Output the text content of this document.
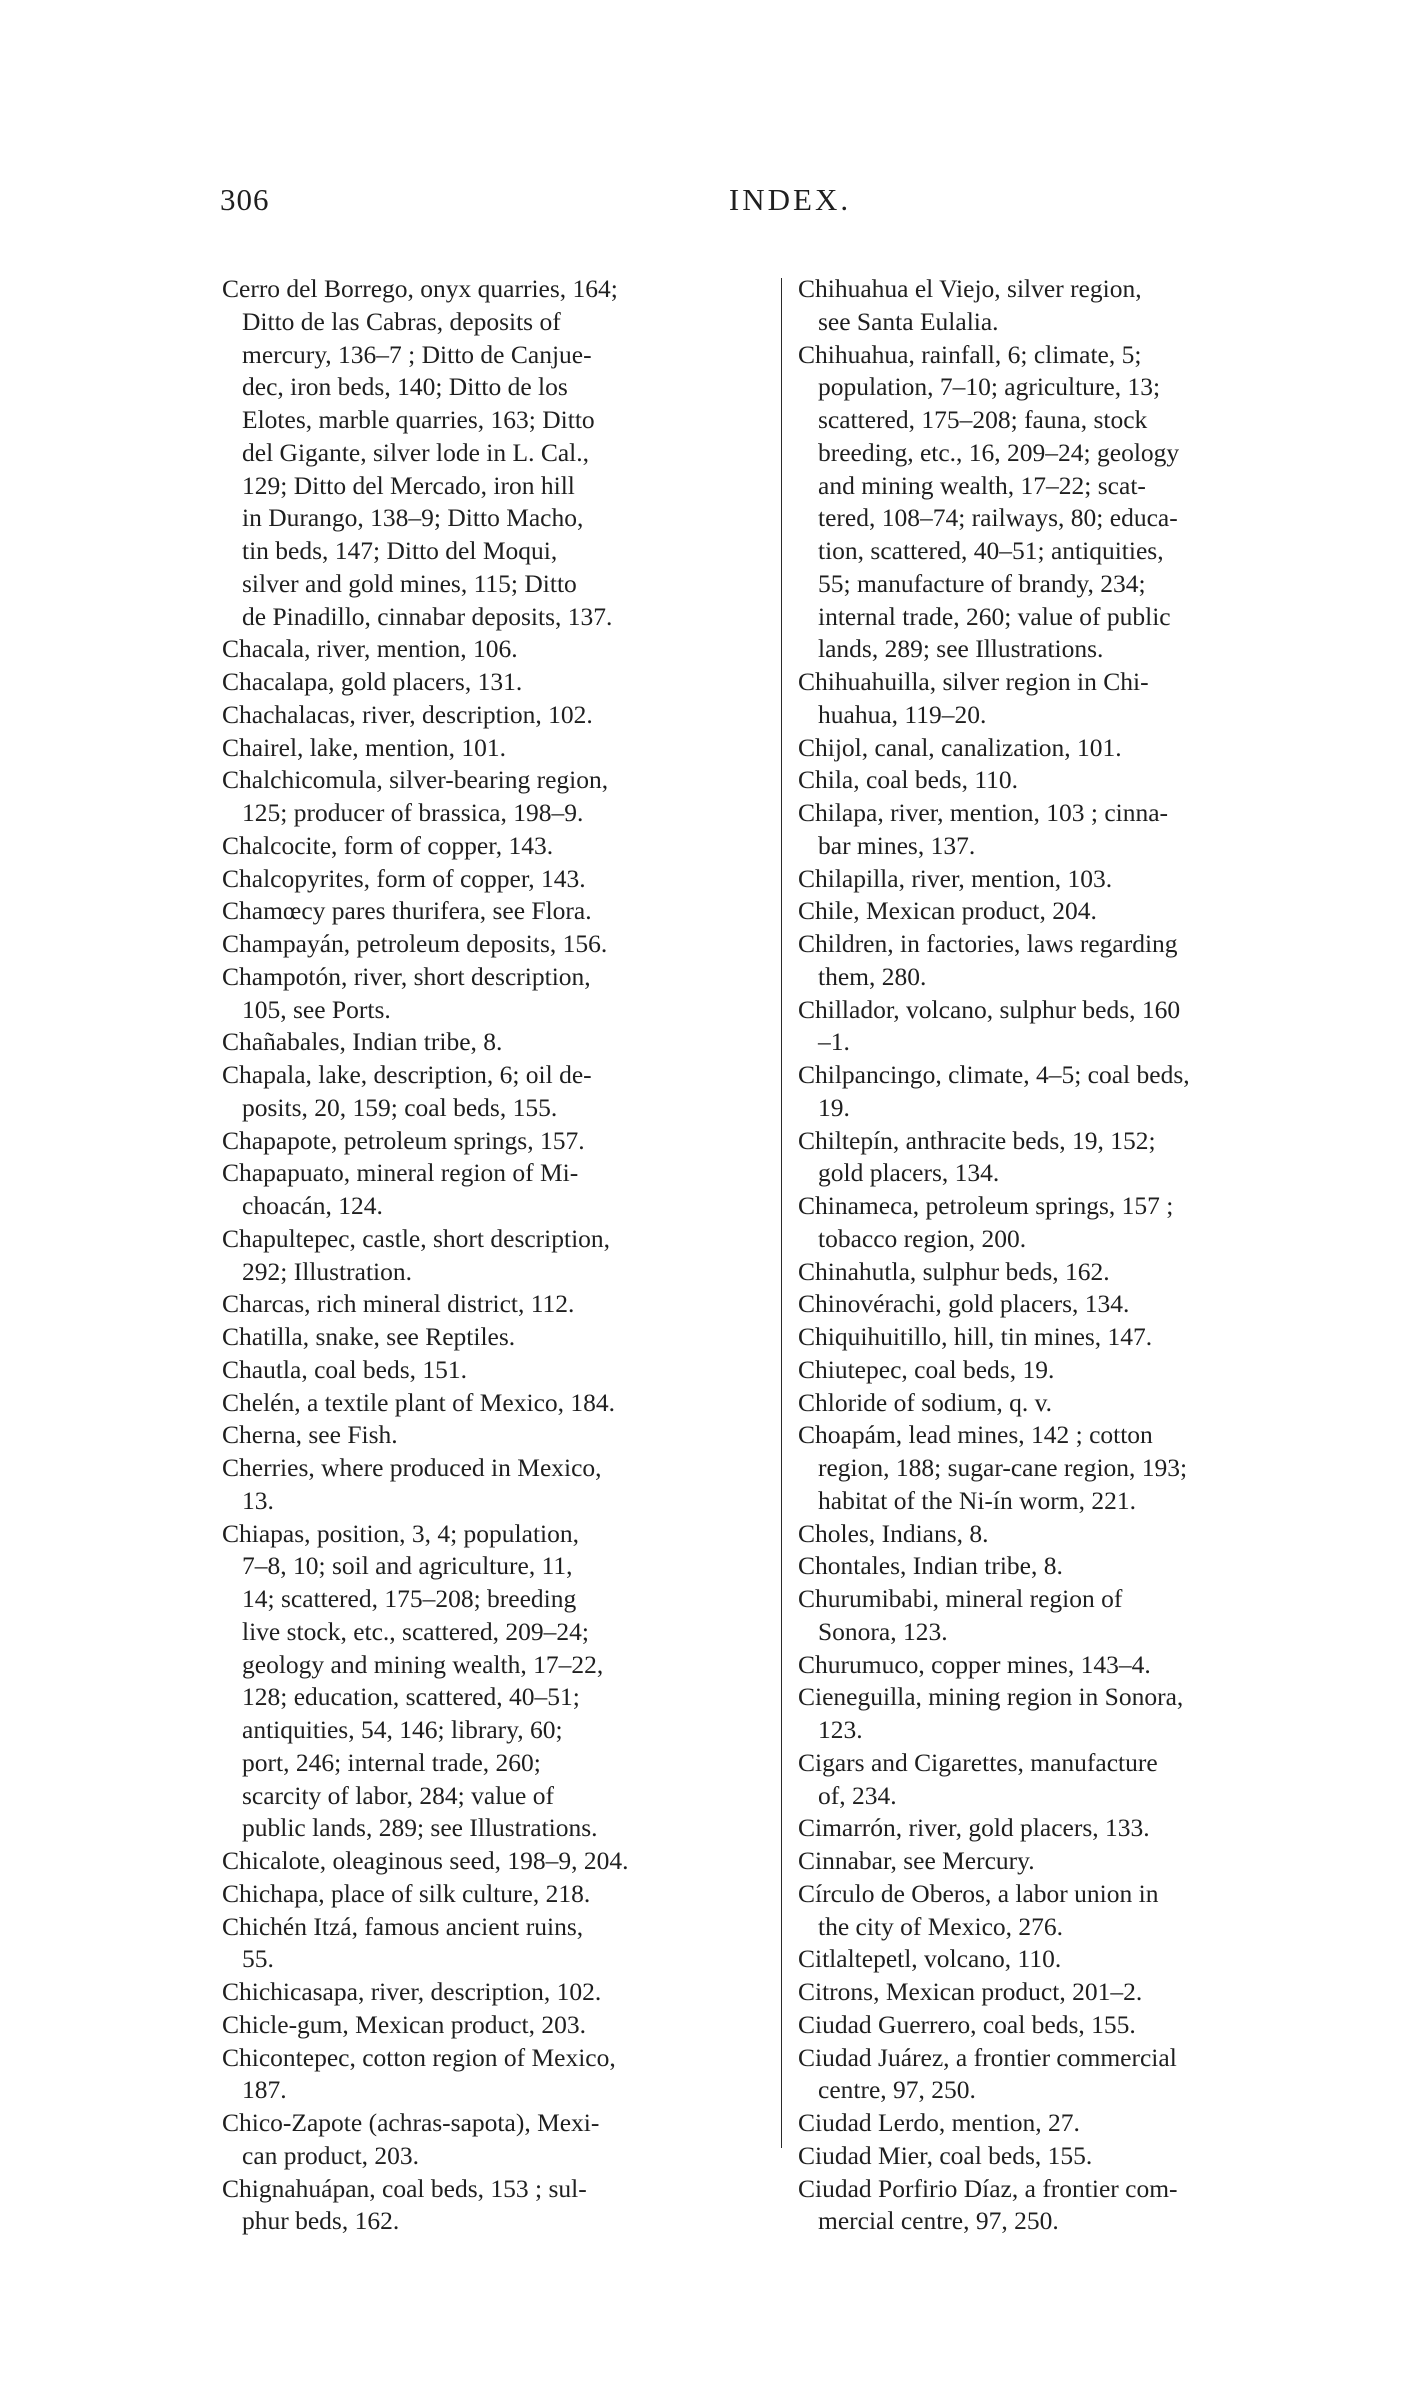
306	INDEX.

Cerro del Borrego, onyx quarries, 164;
Ditto de las Cabras, deposits of
mercury, 136–7 ; Ditto de Canjue-
dec, iron beds, 140; Ditto de los
Elotes, marble quarries, 163; Ditto
del Gigante, silver lode in L. Cal.,
129; Ditto del Mercado, iron hill
in Durango, 138–9; Ditto Macho,
tin beds, 147; Ditto del Moqui,
silver and gold mines, 115; Ditto
de Pinadillo, cinnabar deposits, 137.

Chacala, river, mention, 106.

Chacalapa, gold placers, 131.

Chachalacas, river, description, 102.

Chairel, lake, mention, 101.

Chalchicomula, silver-bearing region,
125; producer of brassica, 198–9.

Chalcocite, form of copper, 143.

Chalcopyrites, form of copper, 143.

Chamœcy pares thurifera, see Flora.

Champayán, petroleum deposits, 156.

Champotón, river, short description,
105, see Ports.

Chañabales, Indian tribe, 8.

Chapala, lake, description, 6; oil de-
posits, 20, 159; coal beds, 155.

Chapapote, petroleum springs, 157.

Chapapuato, mineral region of Mi-
choacán, 124.

Chapultepec, castle, short description,
292; Illustration.

Charcas, rich mineral district, 112.

Chatilla, snake, see Reptiles.

Chautla, coal beds, 151.

Chelén, a textile plant of Mexico, 184.

Cherna, see Fish.

Cherries, where produced in Mexico,
13.

Chiapas, position, 3, 4; population,
7–8, 10; soil and agriculture, 11,
14; scattered, 175–208; breeding
live stock, etc., scattered, 209–24;
geology and mining wealth, 17–22,
128; education, scattered, 40–51;
antiquities, 54, 146; library, 60;
port, 246; internal trade, 260;
scarcity of labor, 284; value of
public lands, 289; see Illustrations.

Chicalote, oleaginous seed, 198–9, 204.

Chichapa, place of silk culture, 218.

Chichén Itzá, famous ancient ruins,
55.

Chichicasapa, river, description, 102.

Chicle-gum, Mexican product, 203.

Chicontepec, cotton region of Mexico,
187.

Chico-Zapote (achras-sapota), Mexi-
can product, 203.

Chignahuápan, coal beds, 153 ; sul-
phur beds, 162.

Chihuahua el Viejo, silver region,
see Santa Eulalia.

Chihuahua, rainfall, 6; climate, 5;
population, 7–10; agriculture, 13;
scattered, 175–208; fauna, stock
breeding, etc., 16, 209–24; geology
and mining wealth, 17–22; scat-
tered, 108–74; railways, 80; educa-
tion, scattered, 40–51; antiquities,
55; manufacture of brandy, 234;
internal trade, 260; value of public
lands, 289; see Illustrations.

Chihuahuilla, silver region in Chi-
huahua, 119–20.

Chijol, canal, canalization, 101.

Chila, coal beds, 110.

Chilapa, river, mention, 103 ; cinna-
bar mines, 137.

Chilapilla, river, mention, 103.

Chile, Mexican product, 204.

Children, in factories, laws regarding
them, 280.

Chillador, volcano, sulphur beds, 160
–1.

Chilpancingo, climate, 4–5; coal beds,
19.

Chiltepín, anthracite beds, 19, 152;
gold placers, 134.

Chinameca, petroleum springs, 157 ;
tobacco region, 200.

Chinahutla, sulphur beds, 162.

Chinovérachi, gold placers, 134.

Chiquihuitillo, hill, tin mines, 147.

Chiutepec, coal beds, 19.

Chloride of sodium, q. v.

Choapám, lead mines, 142 ; cotton
region, 188; sugar-cane region, 193;
habitat of the Ni-ín worm, 221.

Choles, Indians, 8.

Chontales, Indian tribe, 8.

Churumibabi, mineral region of
Sonora, 123.

Churumuco, copper mines, 143–4.

Cieneguilla, mining region in Sonora,
123.

Cigars and Cigarettes, manufacture
of, 234.

Cimarrón, river, gold placers, 133.

Cinnabar, see Mercury.

Círculo de Oberos, a labor union in
the city of Mexico, 276.

Citlaltepetl, volcano, 110.

Citrons, Mexican product, 201–2.

Ciudad Guerrero, coal beds, 155.

Ciudad Juárez, a frontier commercial
centre, 97, 250.

Ciudad Lerdo, mention, 27.

Ciudad Mier, coal beds, 155.

Ciudad Porfirio Díaz, a frontier com-
mercial centre, 97, 250.
